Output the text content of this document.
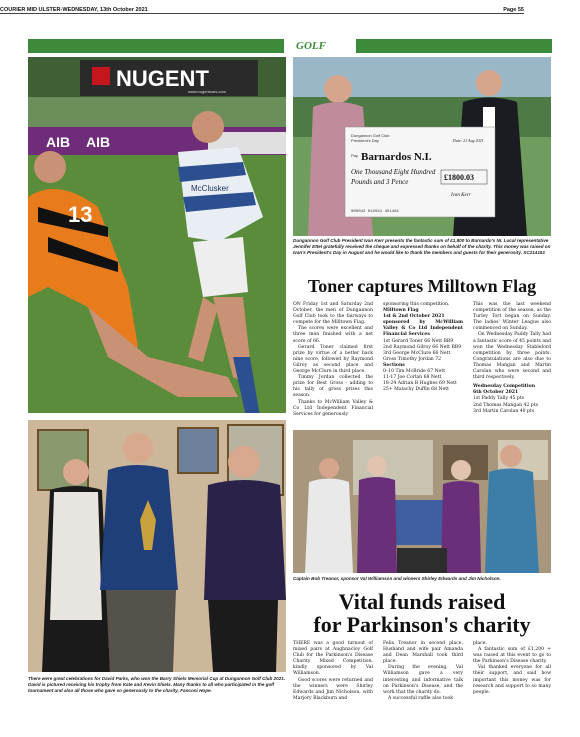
COURIER MID ULSTER-WEDNESDAY, 13th October 2021	Page 55
GOLF
NUGENT
www.nugentcars.com
AIB AIB
13
McClusker
Dungannon Golf Club
President's Day	Date: 21 Aug 2021
Pay Barnardos N.I.
One Thousand Eight Hundred
Pounds and 3 Pence	£1800.03
Ivan Kerr
000042 042041 451481
Dungannon Golf Club President Ivan Kerr presents the fantastic sum of £1,800 to Barnardo's NI. Local representative Jennifer Ettel gratefully received the cheque and expressed thanks on behalf of the charity. This money was raised on Ivan's President's Day in August and he would like to thank the members and guests for their generosity. SC214151
Toner captures Milltown Flag

ON Friday 1st and Saturday 2nd October, the men of Dungannon Golf Club took to the fairways to compete for the Milltown Flag.

The scores were excellent and three men finished with a net score of 66.

Gerard Toner claimed first prize by virtue of a better back nine score, followed by Raymond Gilroy as second place and George McClure in third place.

Timmy Jordan collected the prize for Best Gross - adding to his tally of gross prizes this season.

Thanks to McWilliam Valley & Co Ltd Independent Financial Services for generously

sponsoring this competition.

Milltown Flag

1st & 2nd October 2021

sponsored by McWilliam Valley & Co Ltd Independent Financial Services

1st Gerard Toner 66 Nett BB9

2nd Raymond Gilroy 66 Nett BB9

3rd George McClure 66 Nett

Gross Timothy Jordan 72

Sections

0–10 Tim McBride 67 Nett

11-17 Joe Corlan 68 Nett

18-24 Adrian B Hughes 69 Nett

25+ Malachy Duffin 68 Nett

This was the last weekend competition of the season, as the Turley Tort began on Sunday. The ladies' Winter League also commenced on Sunday.

On Wednesday Paddy Tally had a fantastic score of 45 points and won the Wednesday Stableford competition by three points. Congratulations are also due to Thomas Mangan and Martin Carolan who were second and third respectively.

Wednesday Competition

6th October 2021

1st Paddy Tally 45 pts

2nd Thomas Mangan 42 pts

3rd Martin Carolan 40 pts

There were great celebrations for David Parks, who won the Barry Shiels Memorial Cup at Dungannon Golf Club 2021. David is pictured receiving his trophy from Kate and Kevin Shiels. Many thanks to all who participated in the golf tournament and also all those who gave so generously to the charity, Fanconi Hope.
Captain Bob Treanor, sponsor Val Williamson and winners Shirley Edwards and Jim Nicholson.
Vital funds raised
for Parkinson's charity

THERE was a good turnout of mixed pairs at Aughnacloy Golf Club for the Parkinson's Disease Charity Mixed Competition, kindly sponsored by Val Williamson.

Good scores were returned and the winners were Shirley Edwards and Jim Nicholson, with Marjory Blackburn and

Felix Treanor in second place. Husband and wife pair Amanda and Dean Marshall took third place.

During the evening, Val Williamson gave a very interesting and informative talk on Parkinson's Disease, and the work that the charity do.

A successful raffle also took

place.

A fantastic sum of £1,200 + was raised at this event to go to the Parkinson's Disease charity.

Val thanked everyone for all their support, and said how important this money was for research and support to so many people.
